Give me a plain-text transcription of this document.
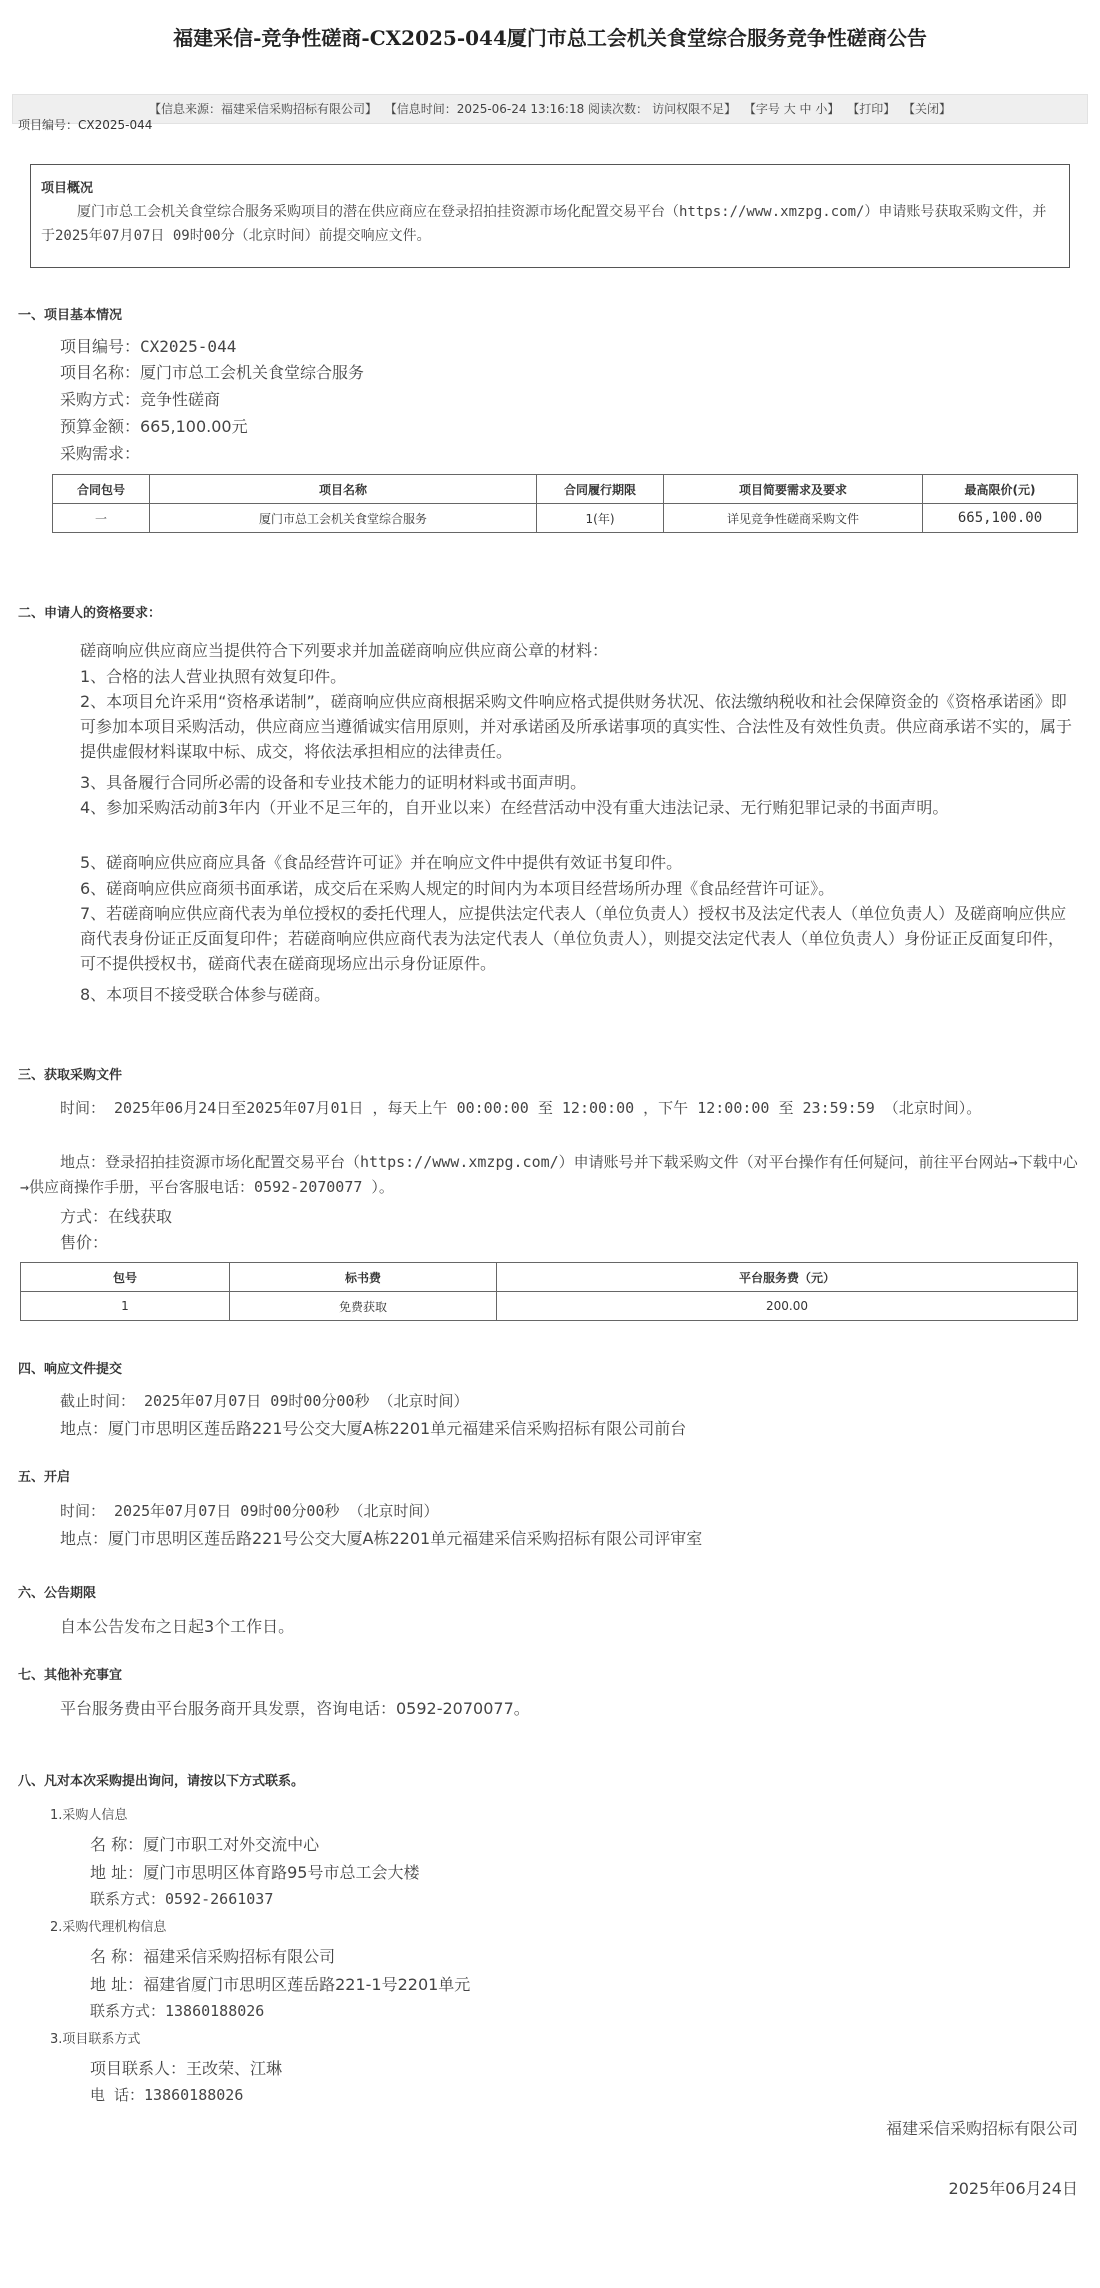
福建采信-竞争性磋商-CX2025-044厦门市总工会机关食堂综合服务竞争性磋商公告
【信息来源：福建采信采购招标有限公司】 【信息时间：2025-06-24 13:16:18 阅读次数： 访问权限不足】 【字号 大 中 小】 【打印】 【关闭】
项目编号：CX2025-044
项目概况
厦门市总工会机关食堂综合服务采购项目的潜在供应商应在登录招拍挂资源市场化配置交易平台（https://www.xmzpg.com/）申请账号获取采购文件，并于2025年07月07日 09时00分（北京时间）前提交响应文件。
一、项目基本情况
项目编号：CX2025-044
项目名称：厦门市总工会机关食堂综合服务
采购方式：竞争性磋商
预算金额：665,100.00元
采购需求：
合同包号	项目名称	合同履行期限	项目简要需求及要求	最高限价(元)
一	厦门市总工会机关食堂综合服务	1(年)	详见竞争性磋商采购文件	665,100.00
二、申请人的资格要求：
磋商响应供应商应当提供符合下列要求并加盖磋商响应供应商公章的材料：
1、合格的法人营业执照有效复印件。
2、本项目允许采用“资格承诺制”，磋商响应供应商根据采购文件响应格式提供财务状况、依法缴纳税收和社会保障资金的《资格承诺函》即可参加本项目采购活动，供应商应当遵循诚实信用原则，并对承诺函及所承诺事项的真实性、合法性及有效性负责。供应商承诺不实的，属于提供虚假材料谋取中标、成交，将依法承担相应的法律责任。
3、具备履行合同所必需的设备和专业技术能力的证明材料或书面声明。
4、参加采购活动前3年内（开业不足三年的，自开业以来）在经营活动中没有重大违法记录、无行贿犯罪记录的书面声明。
5、磋商响应供应商应具备《食品经营许可证》并在响应文件中提供有效证书复印件。
6、磋商响应供应商须书面承诺，成交后在采购人规定的时间内为本项目经营场所办理《食品经营许可证》。
7、若磋商响应供应商代表为单位授权的委托代理人，应提供法定代表人（单位负责人）授权书及法定代表人（单位负责人）及磋商响应供应商代表身份证正反面复印件；若磋商响应供应商代表为法定代表人（单位负责人），则提交法定代表人（单位负责人）身份证正反面复印件，可不提供授权书，磋商代表在磋商现场应出示身份证原件。
8、本项目不接受联合体参与磋商。
三、获取采购文件
时间： 2025年06月24日至2025年07月01日 ，每天上午 00:00:00 至 12:00:00 ，下午 12:00:00 至 23:59:59 （北京时间）。
地点：登录招拍挂资源市场化配置交易平台（https://www.xmzpg.com/）申请账号并下载采购文件（对平台操作有任何疑问，前往平台网站→下载中心→供应商操作手册，平台客服电话：0592-2070077 ）。
方式：在线获取
售价：
包号	标书费	平台服务费（元）
1	免费获取	200.00
四、响应文件提交
截止时间： 2025年07月07日 09时00分00秒 （北京时间）
地点：厦门市思明区莲岳路221号公交大厦A栋2201单元福建采信采购招标有限公司前台
五、开启
时间： 2025年07月07日 09时00分00秒 （北京时间）
地点：厦门市思明区莲岳路221号公交大厦A栋2201单元福建采信采购招标有限公司评审室
六、公告期限
自本公告发布之日起3个工作日。
七、其他补充事宜
平台服务费由平台服务商开具发票，咨询电话：0592-2070077。
八、凡对本次采购提出询问，请按以下方式联系。
1.采购人信息
名 称：厦门市职工对外交流中心
地 址：厦门市思明区体育路95号市总工会大楼
联系方式：0592-2661037
2.采购代理机构信息
名 称：福建采信采购招标有限公司
地 址：福建省厦门市思明区莲岳路221-1号2201单元
联系方式：13860188026
3.项目联系方式
项目联系人：王改荣、江琳
电 话：13860188026
福建采信采购招标有限公司
2025年06月24日
